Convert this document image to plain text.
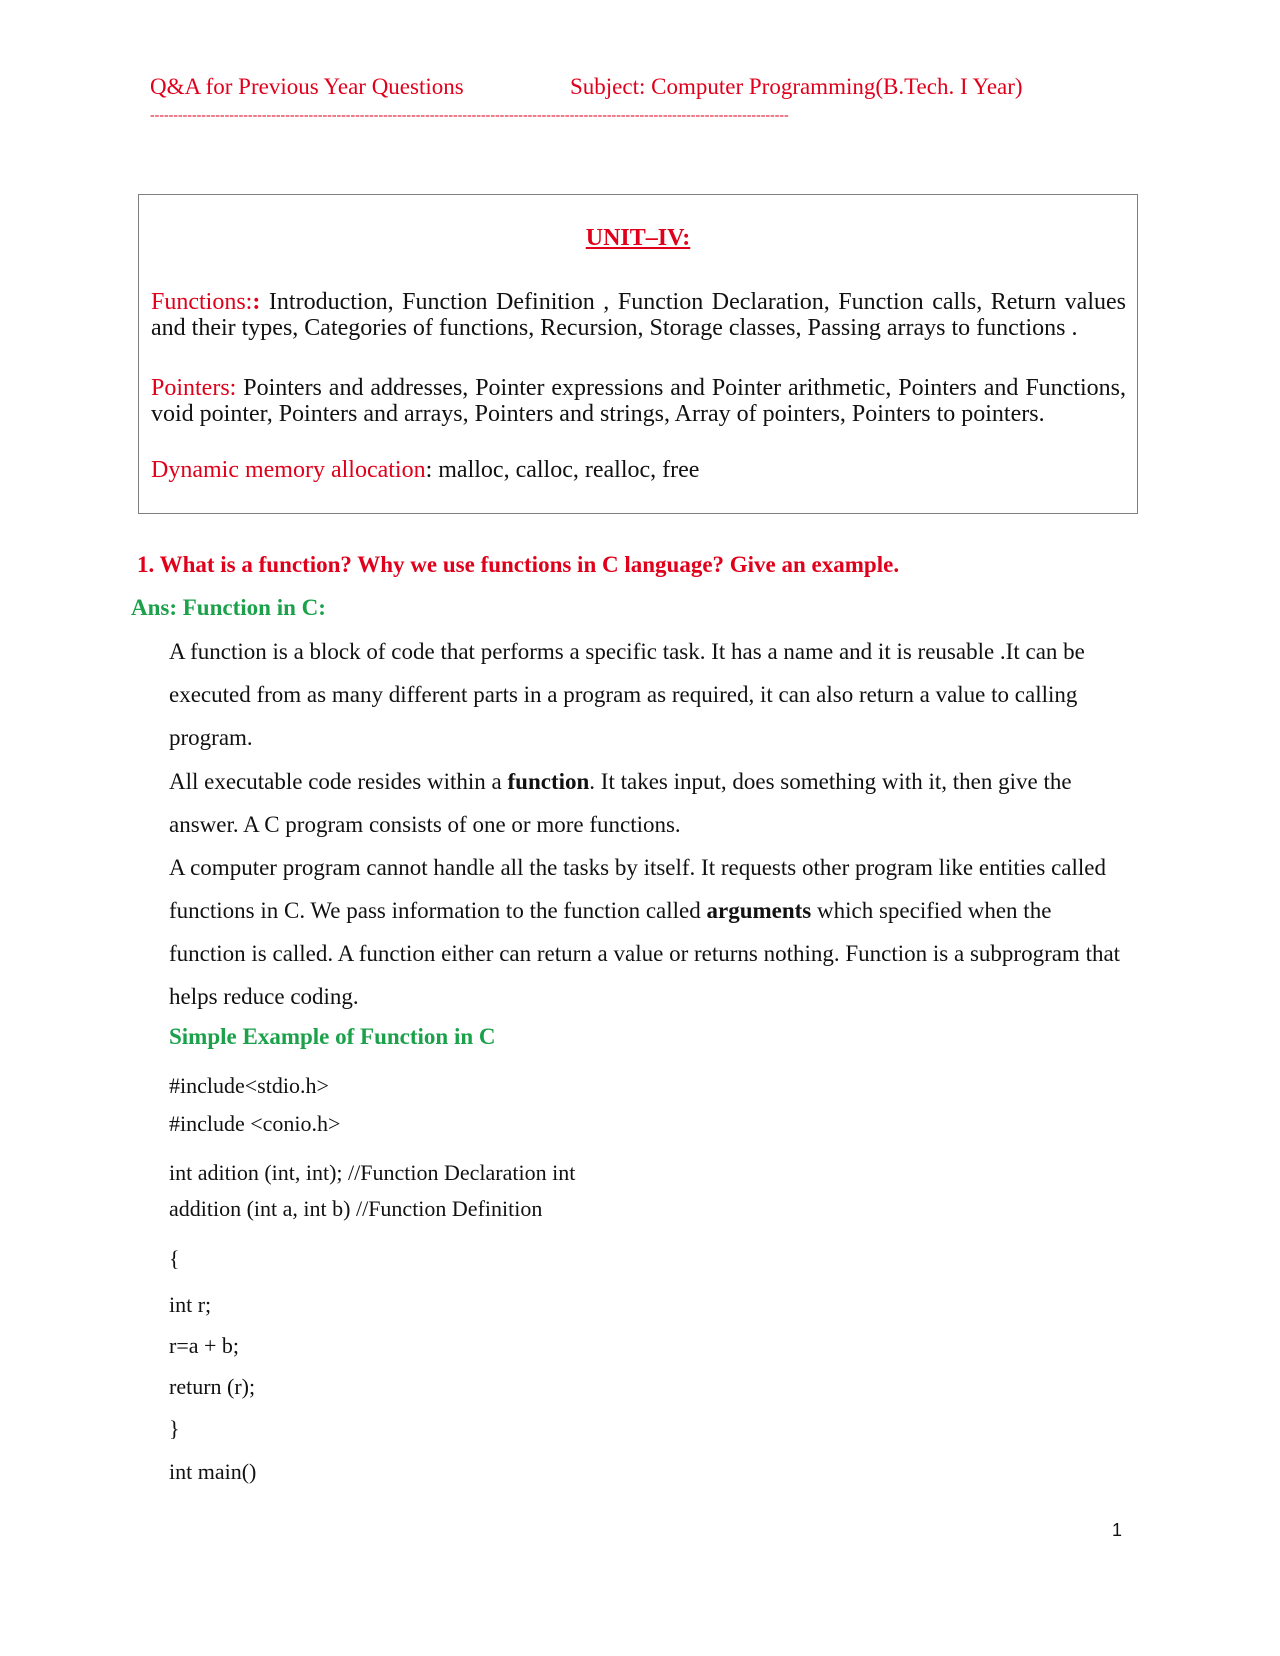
Q&A for Previous Year Questions	Subject: Computer Programming(B.Tech. I Year)
-----------------------------------------------------------------------------------------------------------------------------------------
UNIT–IV:
Functions:: Introduction, Function Definition , Function Declaration, Function calls, Return values and their types, Categories of functions, Recursion, Storage classes, Passing arrays to functions .
Pointers: Pointers and addresses, Pointer expressions and Pointer arithmetic, Pointers and Functions, void pointer, Pointers and arrays, Pointers and strings, Array of pointers, Pointers to pointers.
Dynamic memory allocation: malloc, calloc, realloc, free
1. What is a function? Why we use functions in C language? Give an example.
Ans: Function in C:
A function is a block of code that performs a specific task. It has a name and it is reusable .It can be executed from as many different parts in a program as required, it can also return a value to calling program.
All executable code resides within a function. It takes input, does something with it, then give the answer. A C program consists of one or more functions.
A computer program cannot handle all the tasks by itself. It requests other program like entities called functions in C. We pass information to the function called arguments which specified when the function is called. A function either can return a value or returns nothing. Function is a subprogram that helps reduce coding.
Simple Example of Function in C
#include<stdio.h>
#include <conio.h>
int adition (int, int); //Function Declaration int
addition (int a, int b) //Function Definition
{
int r;
r=a + b;
return (r);
}
int main()
1
